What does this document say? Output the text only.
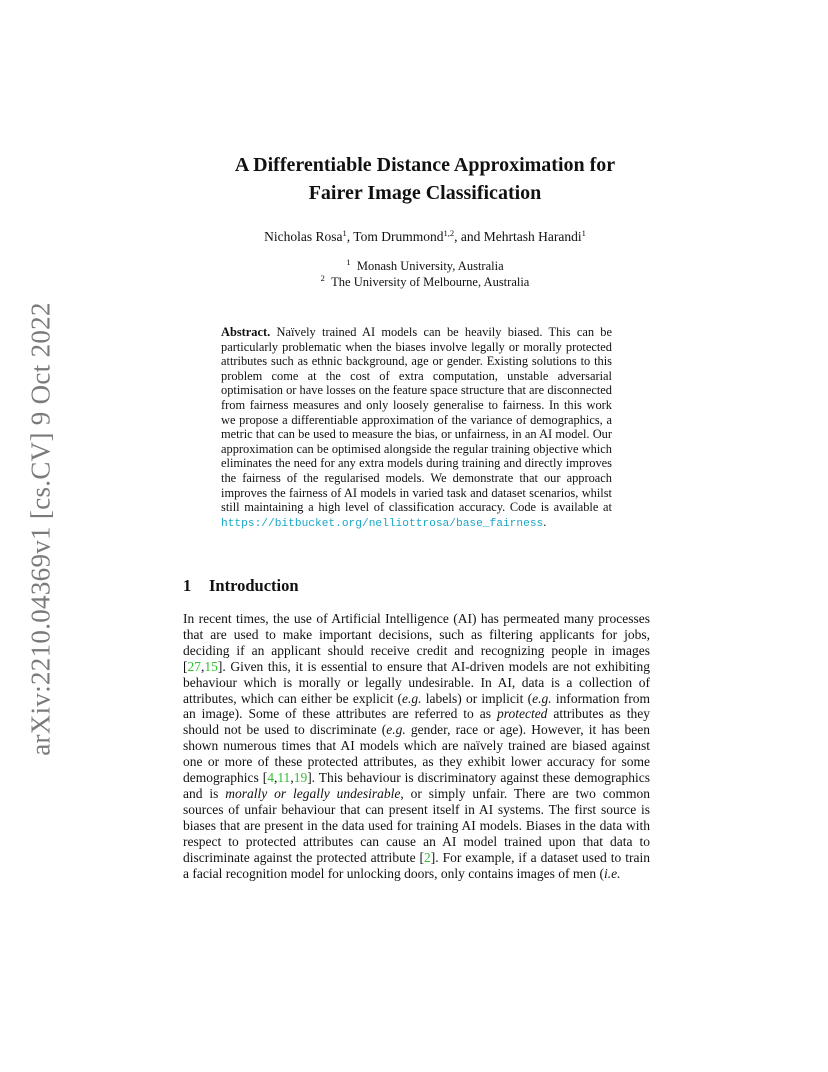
arXiv:2210.04369v1 [cs.CV] 9 Oct 2022
A Differentiable Distance Approximation for
Fairer Image Classification
Nicholas Rosa$^1$, Tom Drummond$^{1,2}$, and Mehrtash Harandi$^1$
$^1$ Monash University, Australia
$^2$ The University of Melbourne, Australia
Abstract. Naïvely trained AI models can be heavily biased. This can be particularly problematic when the biases involve legally or morally protected attributes such as ethnic background, age or gender. Existing solutions to this problem come at the cost of extra computation, unstable adversarial optimisation or have losses on the feature space structure that are disconnected from fairness measures and only loosely generalise to fairness. In this work we propose a differentiable approximation of the variance of demographics, a metric that can be used to measure the bias, or unfairness, in an AI model. Our approximation can be optimised alongside the regular training objective which eliminates the need for any extra models during training and directly improves the fairness of the regularised models. We demonstrate that our approach improves the fairness of AI models in varied task and dataset scenarios, whilst still maintaining a high level of classification accuracy. Code is available at https://bitbucket.org/nelliottrosa/base_fairness.
1 Introduction

In recent times, the use of Artificial Intelligence (AI) has permeated many processes that are used to make important decisions, such as filtering applicants for jobs, deciding if an applicant should receive credit and recognizing people in images [27,15]. Given this, it is essential to ensure that AI-driven models are not exhibiting behaviour which is morally or legally undesirable. In AI, data is a collection of attributes, which can either be explicit (e.g. labels) or implicit (e.g. information from an image). Some of these attributes are referred to as protected attributes as they should not be used to discriminate (e.g. gender, race or age). However, it has been shown numerous times that AI models which are naïvely trained are biased against one or more of these protected attributes, as they exhibit lower accuracy for some demographics [4,11,19]. This behaviour is discriminatory against these demographics and is morally or legally undesirable, or simply unfair. There are two common sources of unfair behaviour that can present itself in AI systems. The first source is biases that are present in the data used for training AI models. Biases in the data with respect to protected attributes can cause an AI model trained upon that data to discriminate against the protected attribute [2]. For example, if a dataset used to train a facial recognition model for unlocking doors, only contains images of men (i.e.
